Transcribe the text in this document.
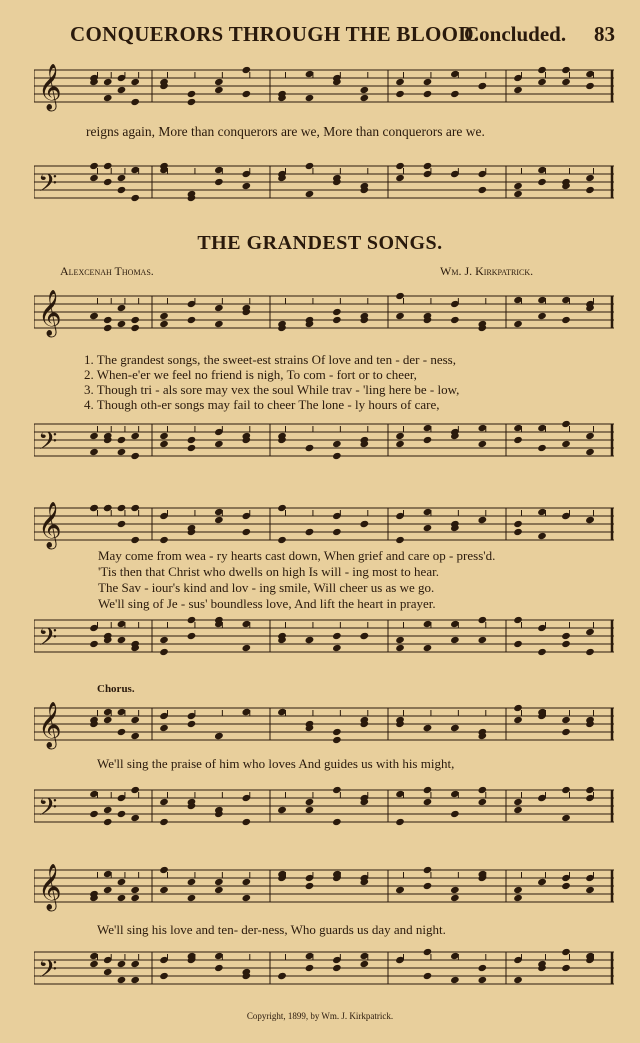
CONQUERORS THROUGH THE BLOOD.
Concluded. 83
𝄞
reigns again, More than conquerors are we, More than conquerors are we.
𝄢
THE GRANDEST SONGS.
Alexcenah Thomas.	Wm. J. Kirkpatrick.
𝄞
1. The grandest songs, the sweet-est strains Of love and ten - der - ness,
2. When-e'er we feel no friend is nigh, To com - fort or to cheer,
3. Though tri - als sore may vex the soul While trav - 'ling here be - low,
4. Though oth-er songs may fail to cheer The lone - ly hours of care,
𝄢
𝄞
May come from wea - ry hearts cast down, When grief and care op - press'd.
'Tis then that Christ who dwells on high Is will - ing most to hear.
The Sav - iour's kind and lov - ing smile, Will cheer us as we go.
We'll sing of Je - sus' boundless love, And lift the heart in prayer.
𝄢
Chorus.
𝄞
We'll sing the praise of him who loves And guides us with his might,
𝄢
𝄞
We'll sing his love and ten- der-ness, Who guards us day and night.
𝄢
Copyright, 1899, by Wm. J. Kirkpatrick.
